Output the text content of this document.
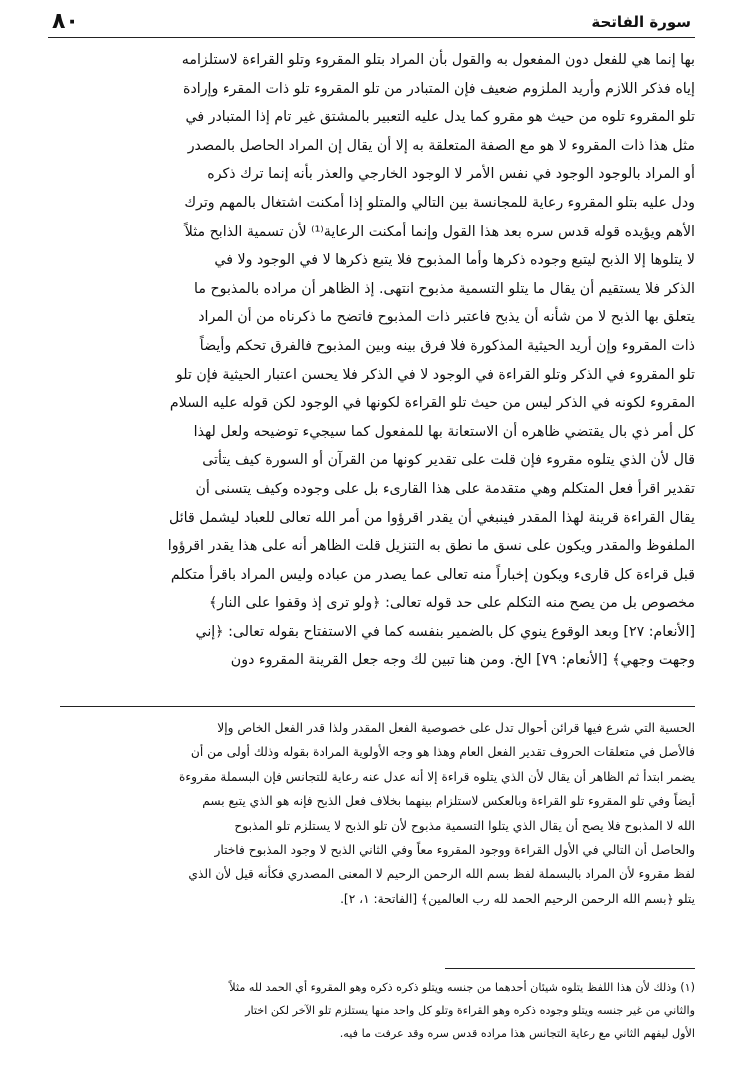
سورة الفاتحة
٨٠
بها إنما هي للفعل دون المفعول به والقول بأن المراد بتلو المقروء وتلو القراءة لاستلزامه
إياه فذكر اللازم وأريد الملزوم ضعيف فإن المتبادر من تلو المقروء تلو ذات المقرء وإرادة
تلو المقروء تلوه من حيث هو مقرو كما يدل عليه التعبير بالمشتق غير تام إذا المتبادر في
مثل هذا ذات المقروء لا هو مع الصفة المتعلقة به إلا أن يقال إن المراد الحاصل بالمصدر
أو المراد بالوجود الوجود في نفس الأمر لا الوجود الخارجي والعذر بأنه إنما ترك ذكره
ودل عليه بتلو المقروء رعاية للمجانسة بين التالي والمتلو إذا أمكنت اشتغال بالمهم وترك
الأهم ويؤيده قوله قدس سره بعد هذا القول وإنما أمكنت الرعاية⁽¹⁾ لأن تسمية الذابح مثلاً
لا يتلوها إلا الذبح ليتبع وجوده ذكرها وأما المذبوح فلا يتبع ذكرها لا في الوجود ولا في
الذكر فلا يستقيم أن يقال ما يتلو التسمية مذبوح انتهى. إذ الظاهر أن مراده بالمذبوح ما
يتعلق بها الذبح لا من شأنه أن يذبح فاعتبر ذات المذبوح فاتضح ما ذكرناه من أن المراد
ذات المقروء وإن أريد الحيثية المذكورة فلا فرق بينه وبين المذبوح فالفرق تحكم وأيضاً
تلو المقروء في الذكر وتلو القراءة في الوجود لا في الذكر فلا يحسن اعتبار الحيثية فإن تلو
المقروء لكونه في الذكر ليس من حيث تلو القراءة لكونها في الوجود لكن قوله عليه السلام
كل أمر ذي بال يقتضي ظاهره أن الاستعانة بها للمفعول كما سيجيء توضيحه ولعل لهذا
قال لأن الذي يتلوه مقروء فإن قلت على تقدير كونها من القرآن أو السورة كيف يتأتى
تقدير اقرأ فعل المتكلم وهي متقدمة على هذا القارىء بل على وجوده وكيف يتسنى أن
يقال القراءة قرينة لهذا المقدر فينبغي أن يقدر اقرؤوا من أمر الله تعالى للعباد ليشمل قائل
الملفوظ والمقدر ويكون على نسق ما نطق به التنزيل قلت الظاهر أنه على هذا يقدر اقرؤوا
قبل قراءة كل قارىء ويكون إخباراً منه تعالى عما يصدر من عباده وليس المراد باقرأ متكلم
مخصوص بل من يصح منه التكلم على حد قوله تعالى: ﴿ولو ترى إذ وقفوا على النار﴾
[الأنعام: ٢٧] وبعد الوقوع ينوي كل بالضمير بنفسه كما في الاستفتاح بقوله تعالى: ﴿إني
وجهت وجهي﴾ [الأنعام: ٧٩] الخ. ومن هنا تبين لك وجه جعل القرينة المقروء دون
الحسية التي شرع فيها قرائن أحوال تدل على خصوصية الفعل المقدر ولذا قدر الفعل الخاص وإلا
فالأصل في متعلقات الحروف تقدير الفعل العام وهذا هو وجه الأولوية المرادة بقوله وذلك أولى من أن
يضمر ابتدأ ثم الظاهر أن يقال لأن الذي يتلوه قراءة إلا أنه عدل عنه رعاية للتجانس فإن البسملة مقروءة
أيضاً وفي تلو المقروء تلو القراءة وبالعكس لاستلزام بينهما بخلاف فعل الذبح فإنه هو الذي يتبع بسم
الله لا المذبوح فلا يصح أن يقال الذي يتلوا التسمية مذبوح لأن تلو الذبح لا يستلزم تلو المذبوح
والحاصل أن التالي في الأول القراءة ووجود المقروء معاً وفي الثاني الذبح لا وجود المذبوح فاختار
لفظ مقروء لأن المراد بالبسملة لفظ بسم الله الرحمن الرحيم لا المعنى المصدري فكأنه قيل لأن الذي
يتلو ﴿بسم الله الرحمن الرحيم الحمد لله رب العالمين﴾ [الفاتحة: ١، ٢].
(١) وذلك لأن هذا اللفظ يتلوه شيئان أحدهما من جنسه ويتلو ذكره ذكره وهو المقروء أي الحمد لله مثلاً
والثاني من غير جنسه ويتلو وجوده ذكره وهو القراءة وتلو كل واحد منها يستلزم تلو الآخر لكن اختار
الأول ليفهم الثاني مع رعاية التجانس هذا مراده قدس سره وقد عرفت ما فيه.
